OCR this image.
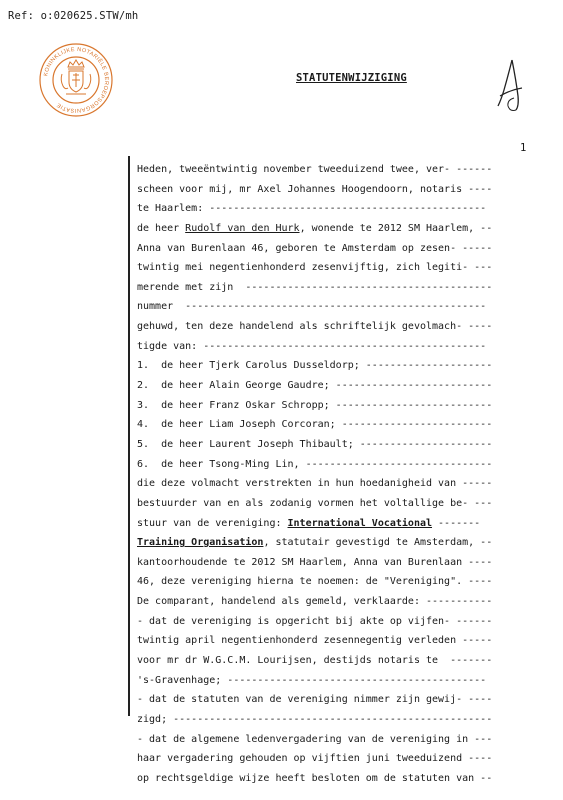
Ref: o:020625.STW/mh
KONINKLIJKE NOTARIËLE BEROEPSORGANISATIE
STATUTENWIJZIGING
1
Heden, tweeëntwintig november tweeduizend twee, ver- ------
scheen voor mij, mr Axel Johannes Hoogendoorn, notaris ----
te Haarlem: ----------------------------------------------
de heer Rudolf van den Hurk, wonende te 2012 SM Haarlem, --
Anna van Burenlaan 46, geboren te Amsterdam op zesen- -----
twintig mei negentienhonderd zesenvijftig, zich legiti- ---
merende met zijn  -----------------------------------------
nummer  --------------------------------------------------
gehuwd, ten deze handelend als schriftelijk gevolmach- ----
tigde van: -----------------------------------------------
1.  de heer Tjerk Carolus Dusseldorp; ---------------------
2.  de heer Alain George Gaudre; --------------------------
3.  de heer Franz Oskar Schropp; --------------------------
4.  de heer Liam Joseph Corcoran; -------------------------
5.  de heer Laurent Joseph Thibault; ----------------------
6.  de heer Tsong-Ming Lin, -------------------------------
die deze volmacht verstrekten in hun hoedanigheid van -----
bestuurder van en als zodanig vormen het voltallige be- ---
stuur van de vereniging: International Vocational -------
Training Organisation, statutair gevestigd te Amsterdam, --
kantoorhoudende te 2012 SM Haarlem, Anna van Burenlaan ----
46, deze vereniging hierna te noemen: de "Vereniging". ----
De comparant, handelend als gemeld, verklaarde: -----------
- dat de vereniging is opgericht bij akte op vijfen- ------
twintig april negentienhonderd zesennegentig verleden -----
voor mr dr W.G.C.M. Lourijsen, destijds notaris te  -------
's-Gravenhage; -------------------------------------------
- dat de statuten van de vereniging nimmer zijn gewij- ----
zigd; -----------------------------------------------------
- dat de algemene ledenvergadering van de vereniging in ---
haar vergadering gehouden op vijftien juni tweeduizend ----
op rechtsgeldige wijze heeft besloten om de statuten van --
